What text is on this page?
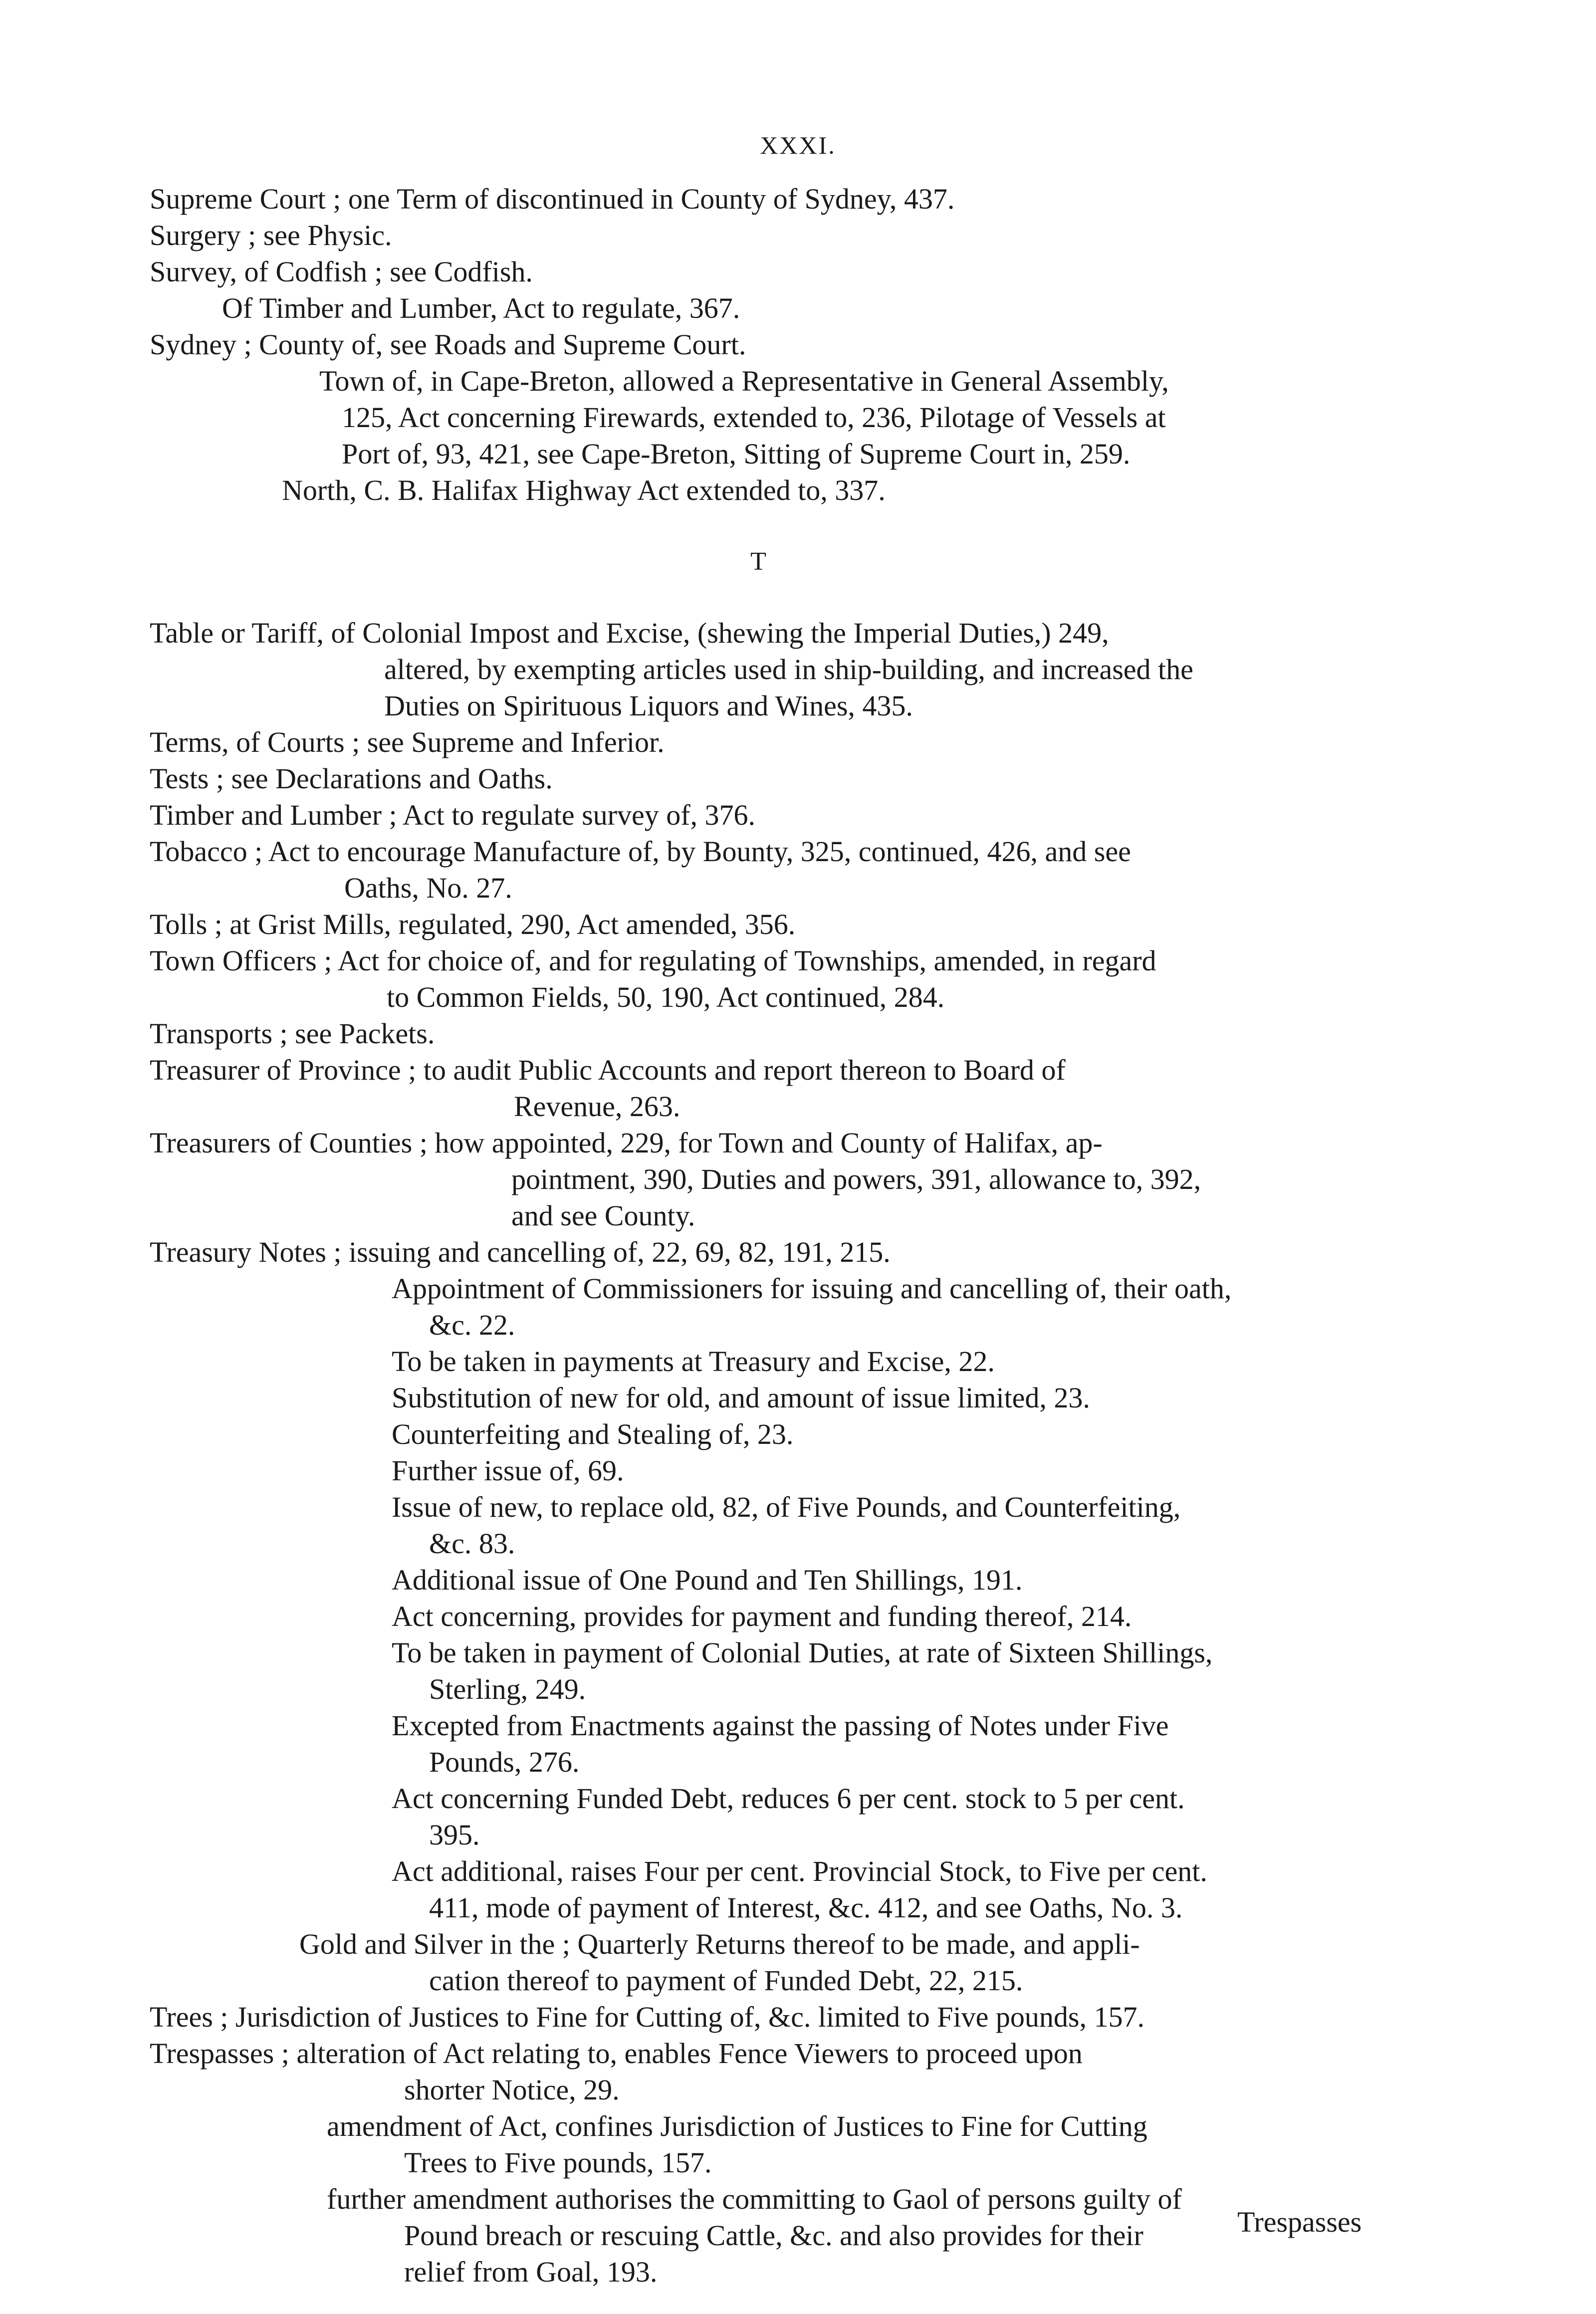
XXXI.
Supreme Court ; one Term of discontinued in County of Sydney, 437.
Surgery ; see Physic.
Survey, of Codfish ; see Codfish.
Of Timber and Lumber, Act to regulate, 367.
Sydney ; County of, see Roads and Supreme Court.
Town of, in Cape-Breton, allowed a Representative in General Assembly,
125, Act concerning Firewards, extended to, 236, Pilotage of Vessels at
Port of, 93, 421, see Cape-Breton, Sitting of Supreme Court in, 259.
North, C. B. Halifax Highway Act extended to, 337.
T
Table or Tariff, of Colonial Impost and Excise, (shewing the Imperial Duties,) 249,
altered, by exempting articles used in ship-building, and increased the
Duties on Spirituous Liquors and Wines, 435.
Terms, of Courts ; see Supreme and Inferior.
Tests ; see Declarations and Oaths.
Timber and Lumber ; Act to regulate survey of, 376.
Tobacco ; Act to encourage Manufacture of, by Bounty, 325, continued, 426, and see
Oaths, No. 27.
Tolls ; at Grist Mills, regulated, 290, Act amended, 356.
Town Officers ; Act for choice of, and for regulating of Townships, amended, in regard
to Common Fields, 50, 190, Act continued, 284.
Transports ; see Packets.
Treasurer of Province ; to audit Public Accounts and report thereon to Board of
Revenue, 263.
Treasurers of Counties ; how appointed, 229, for Town and County of Halifax, ap-
pointment, 390, Duties and powers, 391, allowance to, 392,
and see County.
Treasury Notes ; issuing and cancelling of, 22, 69, 82, 191, 215.
Appointment of Commissioners for issuing and cancelling of, their oath,
&c. 22.
To be taken in payments at Treasury and Excise, 22.
Substitution of new for old, and amount of issue limited, 23.
Counterfeiting and Stealing of, 23.
Further issue of, 69.
Issue of new, to replace old, 82, of Five Pounds, and Counterfeiting,
&c. 83.
Additional issue of One Pound and Ten Shillings, 191.
Act concerning, provides for payment and funding thereof, 214.
To be taken in payment of Colonial Duties, at rate of Sixteen Shillings,
Sterling, 249.
Excepted from Enactments against the passing of Notes under Five
Pounds, 276.
Act concerning Funded Debt, reduces 6 per cent. stock to 5 per cent.
395.
Act additional, raises Four per cent. Provincial Stock, to Five per cent.
411, mode of payment of Interest, &c. 412, and see Oaths, No. 3.
Gold and Silver in the ; Quarterly Returns thereof to be made, and appli-
cation thereof to payment of Funded Debt, 22, 215.
Trees ; Jurisdiction of Justices to Fine for Cutting of, &c. limited to Five pounds, 157.
Trespasses ; alteration of Act relating to, enables Fence Viewers to proceed upon
shorter Notice, 29.
amendment of Act, confines Jurisdiction of Justices to Fine for Cutting
Trees to Five pounds, 157.
further amendment authorises the committing to Gaol of persons guilty of
Pound breach or rescuing Cattle, &c. and also provides for their
relief from Goal, 193.
Trespasses
